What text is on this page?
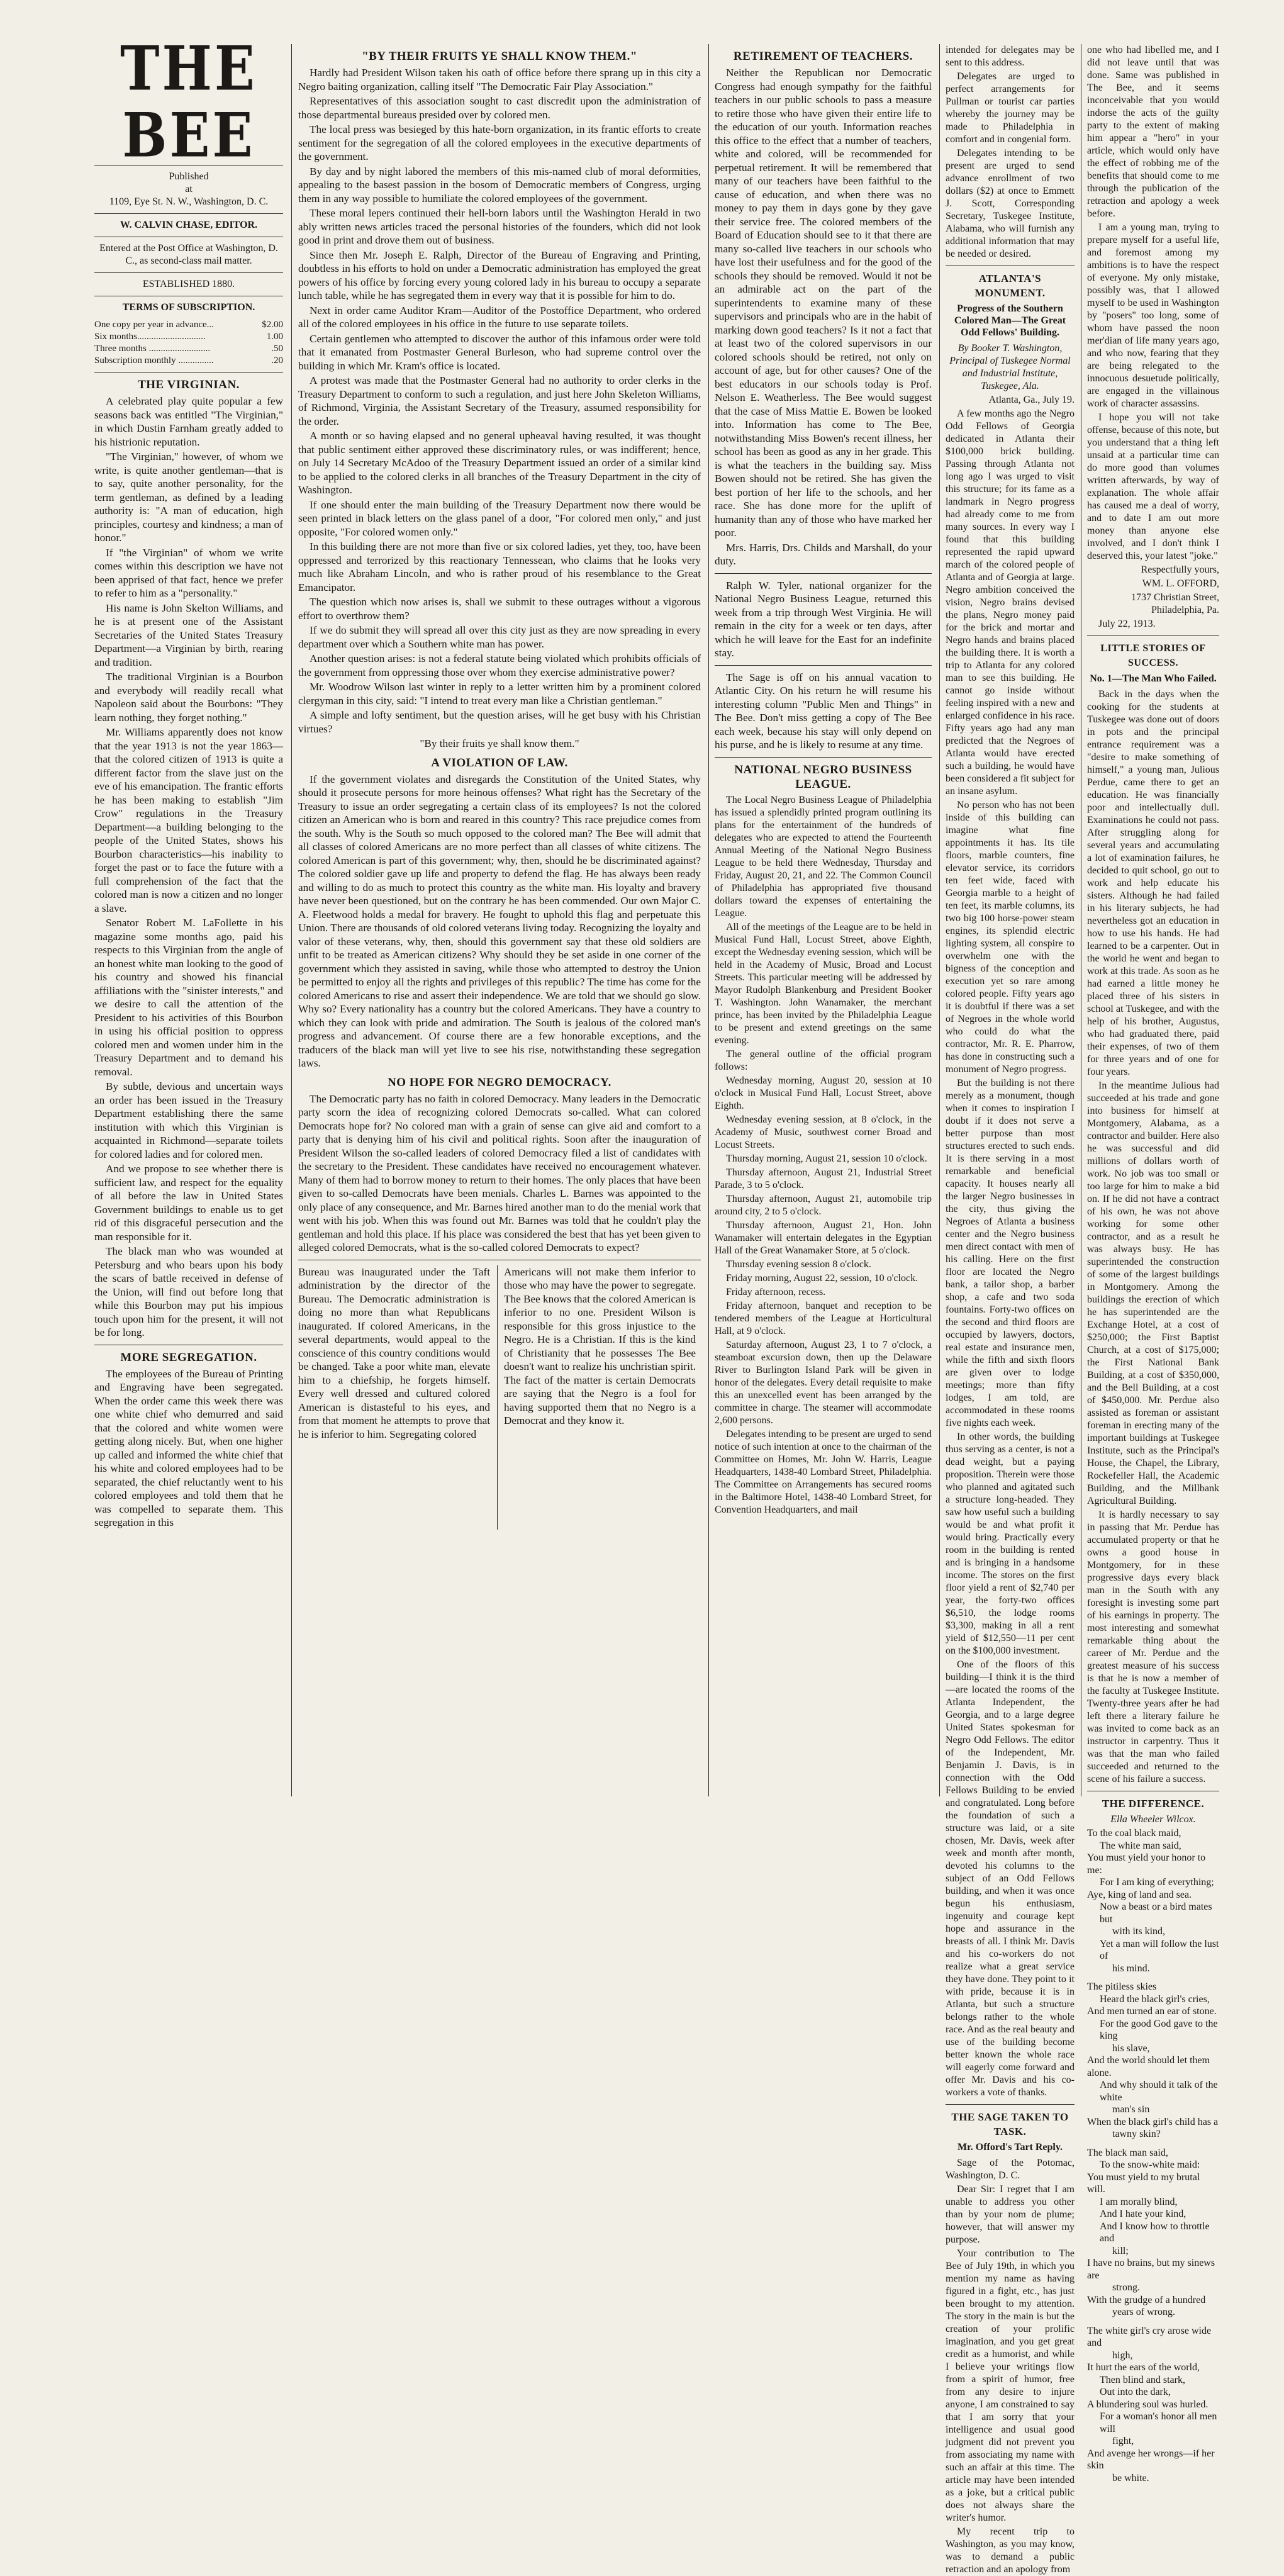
THE BEE
Published
at
1109, Eye St. N. W., Washington, D. C.
W. CALVIN CHASE, EDITOR.
Entered at the Post Office at Washington, D. C., as second-class mail matter.
ESTABLISHED 1880.
TERMS OF SUBSCRIPTION.
One copy per year in advance...	$2.00
Six months.............................	1.00
Three months ..........................	.50
Subscription monthly ...............	.20
THE VIRGINIAN.

A celebrated play quite popular a few seasons back was entitled "The Virginian," in which Dustin Farnham greatly added to his histrionic reputation.

"The Virginian," however, of whom we write, is quite another gentleman—that is to say, quite another personality, for the term gentleman, as defined by a leading authority is: "A man of education, high principles, courtesy and kindness; a man of honor."

If "the Virginian" of whom we write comes within this description we have not been apprised of that fact, hence we prefer to refer to him as a "personality."

His name is John Skelton Williams, and he is at present one of the Assistant Secretaries of the United States Treasury Department—a Virginian by birth, rearing and tradition.

The traditional Virginian is a Bourbon and everybody will readily recall what Napoleon said about the Bourbons: "They learn nothing, they forget nothing."

Mr. Williams apparently does not know that the year 1913 is not the year 1863—that the colored citizen of 1913 is quite a different factor from the slave just on the eve of his emancipation. The frantic efforts he has been making to establish "Jim Crow" regulations in the Treasury Department—a building belonging to the people of the United States, shows his Bourbon characteristics—his inability to forget the past or to face the future with a full comprehension of the fact that the colored man is now a citizen and no longer a slave.

Senator Robert M. LaFollette in his magazine some months ago, paid his respects to this Virginian from the angle of an honest white man looking to the good of his country and showed his financial affiliations with the "sinister interests," and we desire to call the attention of the President to his activities of this Bourbon in using his official position to oppress colored men and women under him in the Treasury Department and to demand his removal.

By subtle, devious and uncertain ways an order has been issued in the Treasury Department establishing there the same institution with which this Virginian is acquainted in Richmond—separate toilets for colored ladies and for colored men.

And we propose to see whether there is sufficient law, and respect for the equality of all before the law in United States Government buildings to enable us to get rid of this disgraceful persecution and the man responsible for it.

The black man who was wounded at Petersburg and who bears upon his body the scars of battle received in defense of the Union, will find out before long that while this Bourbon may put his impious touch upon him for the present, it will not be for long.

MORE SEGREGATION.

The employees of the Bureau of Printing and Engraving have been segregated. When the order came this week there was one white chief who demurred and said that the colored and white women were getting along nicely. But, when one higher up called and informed the white chief that his white and colored employees had to be separated, the chief reluctantly went to his colored employees and told them that he was compelled to separate them. This segregation in this

"BY THEIR FRUITS YE SHALL KNOW THEM."

Hardly had President Wilson taken his oath of office before there sprang up in this city a Negro baiting organization, calling itself "The Democratic Fair Play Association."

Representatives of this association sought to cast discredit upon the administration of those departmental bureaus presided over by colored men.

The local press was besieged by this hate-born organization, in its frantic efforts to create sentiment for the segregation of all the colored employees in the executive departments of the government.

By day and by night labored the members of this mis-named club of moral deformities, appealing to the basest passion in the bosom of Democratic members of Congress, urging them in any way possible to humiliate the colored employees of the government.

These moral lepers continued their hell-born labors until the Washington Herald in two ably written news articles traced the personal histories of the founders, which did not look good in print and drove them out of business.

Since then Mr. Joseph E. Ralph, Director of the Bureau of Engraving and Printing, doubtless in his efforts to hold on under a Democratic administration has employed the great powers of his office by forcing every young colored lady in his bureau to occupy a separate lunch table, while he has segregated them in every way that it is possible for him to do.

Next in order came Auditor Kram—Auditor of the Postoffice Department, who ordered all of the colored employees in his office in the future to use separate toilets.

Certain gentlemen who attempted to discover the author of this infamous order were told that it emanated from Postmaster General Burleson, who had supreme control over the building in which Mr. Kram's office is located.

A protest was made that the Postmaster General had no authority to order clerks in the Treasury Department to conform to such a regulation, and just here John Skeleton Williams, of Richmond, Virginia, the Assistant Secretary of the Treasury, assumed responsibility for the order.

A month or so having elapsed and no general upheaval having resulted, it was thought that public sentiment either approved these discriminatory rules, or was indifferent; hence, on July 14 Secretary McAdoo of the Treasury Department issued an order of a similar kind to be applied to the colored clerks in all branches of the Treasury Department in the city of Washington.

If one should enter the main building of the Treasury Department now there would be seen printed in black letters on the glass panel of a door, "For colored men only," and just opposite, "For colored women only."

In this building there are not more than five or six colored ladies, yet they, too, have been oppressed and terrorized by this reactionary Tennessean, who claims that he looks very much like Abraham Lincoln, and who is rather proud of his resemblance to the Great Emancipator.

The question which now arises is, shall we submit to these outrages without a vigorous effort to overthrow them?

If we do submit they will spread all over this city just as they are now spreading in every department over which a Southern white man has power.

Another question arises: is not a federal statute being violated which prohibits officials of the government from oppressing those over whom they exercise administrative power?

Mr. Woodrow Wilson last winter in reply to a letter written him by a prominent colored clergyman in this city, said: "I intend to treat every man like a Christian gentleman."

A simple and lofty sentiment, but the question arises, will he get busy with his Christian virtues?

"By their fruits ye shall know them."

A VIOLATION OF LAW.

If the government violates and disregards the Constitution of the United States, why should it prosecute persons for more heinous offenses? What right has the Secretary of the Treasury to issue an order segregating a certain class of its employees? Is not the colored citizen an American who is born and reared in this country? This race prejudice comes from the south. Why is the South so much opposed to the colored man? The Bee will admit that all classes of colored Americans are no more perfect than all classes of white citizens. The colored American is part of this government; why, then, should he be discriminated against? The colored soldier gave up life and property to defend the flag. He has always been ready and willing to do as much to protect this country as the white man. His loyalty and bravery have never been questioned, but on the contrary he has been commended. Our own Major C. A. Fleetwood holds a medal for bravery. He fought to uphold this flag and perpetuate this Union. There are thousands of old colored veterans living today. Recognizing the loyalty and valor of these veterans, why, then, should this government say that these old soldiers are unfit to be treated as American citizens? Why should they be set aside in one corner of the government which they assisted in saving, while those who attempted to destroy the Union be permitted to enjoy all the rights and privileges of this republic? The time has come for the colored Americans to rise and assert their independence. We are told that we should go slow. Why so? Every nationality has a country but the colored Americans. They have a country to which they can look with pride and admiration. The South is jealous of the colored man's progress and advancement. Of course there are a few honorable exceptions, and the traducers of the black man will yet live to see his rise, notwithstanding these segregation laws.

NO HOPE FOR NEGRO DEMOCRACY.

The Democratic party has no faith in colored Democracy. Many leaders in the Democratic party scorn the idea of recognizing colored Democrats so-called. What can colored Democrats hope for? No colored man with a grain of sense can give aid and comfort to a party that is denying him of his civil and political rights. Soon after the inauguration of President Wilson the so-called leaders of colored Democracy filed a list of candidates with the secretary to the President. These candidates have received no encouragement whatever. Many of them had to borrow money to return to their homes. The only places that have been given to so-called Democrats have been menials. Charles L. Barnes was appointed to the only place of any consequence, and Mr. Barnes hired another man to do the menial work that went with his job. When this was found out Mr. Barnes was told that he couldn't play the gentleman and hold this place. If his place was considered the best that has yet been given to alleged colored Democrats, what is the so-called colored Democrats to expect?

Bureau was inaugurated under the Taft administration by the director of the Bureau. The Democratic administration is doing no more than what Republicans inaugurated. If colored Americans, in the several departments, would appeal to the conscience of this country conditions would be changed. Take a poor white man, elevate him to a chiefship, he forgets himself. Every well dressed and cultured colored American is distasteful to his eyes, and from that moment he attempts to prove that he is inferior to him. Segregating colored

Americans will not make them inferior to those who may have the power to segregate. The Bee knows that the colored American is inferior to no one. President Wilson is responsible for this gross injustice to the Negro. He is a Christian. If this is the kind of Christianity that he possesses The Bee doesn't want to realize his unchristian spirit. The fact of the matter is certain Democrats are saying that the Negro is a fool for having supported them that no Negro is a Democrat and they know it.

RETIREMENT OF TEACHERS.

Neither the Republican nor Democratic Congress had enough sympathy for the faithful teachers in our public schools to pass a measure to retire those who have given their entire life to the education of our youth. Information reaches this office to the effect that a number of teachers, white and colored, will be recommended for perpetual retirement. It will be remembered that many of our teachers have been faithful to the cause of education, and when there was no money to pay them in days gone by they gave their service free. The colored members of the Board of Education should see to it that there are many so-called live teachers in our schools who have lost their usefulness and for the good of the schools they should be removed. Would it not be an admirable act on the part of the superintendents to examine many of these supervisors and principals who are in the habit of marking down good teachers? Is it not a fact that at least two of the colored supervisors in our colored schools should be retired, not only on account of age, but for other causes? One of the best educators in our schools today is Prof. Nelson E. Weatherless. The Bee would suggest that the case of Miss Mattie E. Bowen be looked into. Information has come to The Bee, notwithstanding Miss Bowen's recent illness, her school has been as good as any in her grade. This is what the teachers in the building say. Miss Bowen should not be retired. She has given the best portion of her life to the schools, and her race. She has done more for the uplift of humanity than any of those who have marked her poor.

Mrs. Harris, Drs. Childs and Marshall, do your duty.

Ralph W. Tyler, national organizer for the National Negro Business League, returned this week from a trip through West Virginia. He will remain in the city for a week or ten days, after which he will leave for the East for an indefinite stay.

The Sage is off on his annual vacation to Atlantic City. On his return he will resume his interesting column "Public Men and Things" in The Bee. Don't miss getting a copy of The Bee each week, because his stay will only depend on his purse, and he is likely to resume at any time.

NATIONAL NEGRO BUSINESS LEAGUE.

The Local Negro Business League of Philadelphia has issued a splendidly printed program outlining its plans for the entertainment of the hundreds of delegates who are expected to attend the Fourteenth Annual Meeting of the National Negro Business League to be held there Wednesday, Thursday and Friday, August 20, 21, and 22. The Common Council of Philadelphia has appropriated five thousand dollars toward the expenses of entertaining the League.

All of the meetings of the League are to be held in Musical Fund Hall, Locust Street, above Eighth, except the Wednesday evening session, which will be held in the Academy of Music, Broad and Locust Streets. This particular meeting will be addressed by Mayor Rudolph Blankenburg and President Booker T. Washington. John Wanamaker, the merchant prince, has been invited by the Philadelphia League to be present and extend greetings on the same evening.

The general outline of the official program follows:

Wednesday morning, August 20, session at 10 o'clock in Musical Fund Hall, Locust Street, above Eighth.

Wednesday evening session, at 8 o'clock, in the Academy of Music, southwest corner Broad and Locust Streets.

Thursday morning, August 21, session 10 o'clock.

Thursday afternoon, August 21, Industrial Street Parade, 3 to 5 o'clock.

Thursday afternoon, August 21, automobile trip around city, 2 to 5 o'clock.

Thursday afternoon, August 21, Hon. John Wanamaker will entertain delegates in the Egyptian Hall of the Great Wanamaker Store, at 5 o'clock.

Thursday evening session 8 o'clock.

Friday morning, August 22, session, 10 o'clock.

Friday afternoon, recess.

Friday afternoon, banquet and reception to be tendered members of the League at Horticultural Hall, at 9 o'clock.

Saturday afternoon, August 23, 1 to 7 o'clock, a steamboat excursion down, then up the Delaware River to Burlington Island Park will be given in honor of the delegates. Every detail requisite to make this an unexcelled event has been arranged by the committee in charge. The steamer will accommodate 2,600 persons.

Delegates intending to be present are urged to send notice of such intention at once to the chairman of the Committee on Homes, Mr. John W. Harris, League Headquarters, 1438-40 Lombard Street, Philadelphia. The Committee on Arrangements has secured rooms in the Baltimore Hotel, 1438-40 Lombard Street, for Convention Headquarters, and mail

intended for delegates may be sent to this address.

Delegates are urged to perfect arrangements for Pullman or tourist car parties whereby the journey may be made to Philadelphia in comfort and in congenial form.

Delegates intending to be present are urged to send advance enrollment of two dollars ($2) at once to Emmett J. Scott, Corresponding Secretary, Tuskegee Institute, Alabama, who will furnish any additional information that may be needed or desired.

ATLANTA'S MONUMENT.
Progress of the Southern Colored Man—The Great Odd Fellows' Building.
By Booker T. Washington, Principal of Tuskegee Normal and Industrial Institute, Tuskegee, Ala.

Atlanta, Ga., July 19.

A few months ago the Negro Odd Fellows of Georgia dedicated in Atlanta their $100,000 brick building. Passing through Atlanta not long ago I was urged to visit this structure; for its fame as a landmark in Negro progress had already come to me from many sources. In every way I found that this building represented the rapid upward march of the colored people of Atlanta and of Georgia at large. Negro ambition conceived the vision, Negro brains devised the plans, Negro money paid for the brick and mortar and Negro hands and brains placed the building there. It is worth a trip to Atlanta for any colored man to see this building. He cannot go inside without feeling inspired with a new and enlarged confidence in his race. Fifty years ago had any man predicted that the Negroes of Atlanta would have erected such a building, he would have been considered a fit subject for an insane asylum.

No person who has not been inside of this building can imagine what fine appointments it has. Its tile floors, marble counters, fine elevator service, its corridors ten feet wide, faced with Georgia marble to a height of ten feet, its marble columns, its two big 100 horse-power steam engines, its splendid electric lighting system, all conspire to overwhelm one with the bigness of the conception and execution yet so rare among colored people. Fifty years ago it is doubtful if there was a set of Negroes in the whole world who could do what the contractor, Mr. R. E. Pharrow, has done in constructing such a monument of Negro progress.

But the building is not there merely as a monument, though when it comes to inspiration I doubt if it does not serve a better purpose than most structures erected to such ends. It is there serving in a most remarkable and beneficial capacity. It houses nearly all the larger Negro businesses in the city, thus giving the Negroes of Atlanta a business center and the Negro business men direct contact with men of his calling. Here on the first floor are located the Negro bank, a tailor shop, a barber shop, a cafe and two soda fountains. Forty-two offices on the second and third floors are occupied by lawyers, doctors, real estate and insurance men, while the fifth and sixth floors are given over to lodge meetings; more than fifty lodges, I am told, are accommodated in these rooms five nights each week.

In other words, the building thus serving as a center, is not a dead weight, but a paying proposition. Therein were those who planned and agitated such a structure long-headed. They saw how useful such a building would be and what profit it would bring. Practically every room in the building is rented and is bringing in a handsome income. The stores on the first floor yield a rent of $2,740 per year, the forty-two offices $6,510, the lodge rooms $3,300, making in all a rent yield of $12,550—11 per cent on the $100,000 investment.

One of the floors of this building—I think it is the third—are located the rooms of the Atlanta Independent, the Georgia, and to a large degree United States spokesman for Negro Odd Fellows. The editor of the Independent, Mr. Benjamin J. Davis, is in connection with the Odd Fellows Building to be envied and congratulated. Long before the foundation of such a structure was laid, or a site chosen, Mr. Davis, week after week and month after month, devoted his columns to the subject of an Odd Fellows building, and when it was once begun his enthusiasm, ingenuity and courage kept hope and assurance in the breasts of all. I think Mr. Davis and his co-workers do not realize what a great service they have done. They point to it with pride, because it is in Atlanta, but such a structure belongs rather to the whole race. And as the real beauty and use of the building become better known the whole race will eagerly come forward and offer Mr. Davis and his co-workers a vote of thanks.

THE SAGE TAKEN TO TASK.
Mr. Offord's Tart Reply.

Sage of the Potomac, Washington, D. C.

Dear Sir: I regret that I am unable to address you other than by your nom de plume; however, that will answer my purpose.

Your contribution to The Bee of July 19th, in which you mention my name as having figured in a fight, etc., has just been brought to my attention. The story in the main is but the creation of your prolific imagination, and you get great credit as a humorist, and while I believe your writings flow from a spirit of humor, free from any desire to injure anyone, I am constrained to say that I am sorry that your intelligence and usual good judgment did not prevent you from associating my name with such an affair at this time. The article may have been intended as a joke, but a critical public does not always share the writer's humor.

My recent trip to Washington, as you may know, was to demand a public retraction and an apology from

one who had libelled me, and I did not leave until that was done. Same was published in The Bee, and it seems inconceivable that you would indorse the acts of the guilty party to the extent of making him appear a "hero" in your article, which would only have the effect of robbing me of the benefits that should come to me through the publication of the retraction and apology a week before.

I am a young man, trying to prepare myself for a useful life, and foremost among my ambitions is to have the respect of everyone. My only mistake, possibly was, that I allowed myself to be used in Washington by "posers" too long, some of whom have passed the noon mer'dian of life many years ago, and who now, fearing that they are being relegated to the innocuous desuetude politically, are engaged in the villainous work of character assassins.

I hope you will not take offense, because of this note, but you understand that a thing left unsaid at a particular time can do more good than volumes written afterwards, by way of explanation. The whole affair has caused me a deal of worry, and to date I am out more money than anyone else involved, and I don't think I deserved this, your latest "joke."

Respectfully yours,

WM. L. OFFORD,

1737 Christian Street, Philadelphia, Pa.

July 22, 1913.

LITTLE STORIES OF SUCCESS.
No. 1—The Man Who Failed.

Back in the days when the cooking for the students at Tuskegee was done out of doors in pots and the principal entrance requirement was a "desire to make something of himself," a young man, Julious Perdue, came there to get an education. He was financially poor and intellectually dull. Examinations he could not pass. After struggling along for several years and accumulating a lot of examination failures, he decided to quit school, go out to work and help educate his sisters. Although he had failed in his literary subjects, he had nevertheless got an education in how to use his hands. He had learned to be a carpenter. Out in the world he went and began to work at this trade. As soon as he had earned a little money he placed three of his sisters in school at Tuskegee, and with the help of his brother, Augustus, who had graduated there, paid their expenses, of two of them for three years and of one for four years.

In the meantime Julious had succeeded at his trade and gone into business for himself at Montgomery, Alabama, as a contractor and builder. Here also he was successful and did millions of dollars worth of work. No job was too small or too large for him to make a bid on. If he did not have a contract of his own, he was not above working for some other contractor, and as a result he was always busy. He has superintended the construction of some of the largest buildings in Montgomery. Among the buildings the erection of which he has superintended are the Exchange Hotel, at a cost of $250,000; the First Baptist Church, at a cost of $175,000; the First National Bank Building, at a cost of $350,000, and the Bell Building, at a cost of $450,000. Mr. Perdue also assisted as foreman or assistant foreman in erecting many of the important buildings at Tuskegee Institute, such as the Principal's House, the Chapel, the Library, Rockefeller Hall, the Academic Building, and the Millbank Agricultural Building.

It is hardly necessary to say in passing that Mr. Perdue has accumulated property or that he owns a good house in Montgomery, for in these progressive days every black man in the South with any foresight is investing some part of his earnings in property. The most interesting and somewhat remarkable thing about the career of Mr. Perdue and the greatest measure of his success is that he is now a member of the faculty at Tuskegee Institute. Twenty-three years after he had left there a literary failure he was invited to come back as an instructor in carpentry. Thus it was that the man who failed succeeded and returned to the scene of his failure a success.

THE DIFFERENCE.
Ella Wheeler Wilcox.
To the coal black maid,
The white man said,
You must yield your honor to me:
For I am king of everything;
Aye, king of land and sea.
Now a beast or a bird mates but
with its kind,
Yet a man will follow the lust of
his mind.
The pitiless skies
Heard the black girl's cries,
And men turned an ear of stone.
For the good God gave to the king
his slave,
And the world should let them alone.
And why should it talk of the white
man's sin
When the black girl's child has a
tawny skin?
The black man said,
To the snow-white maid:
You must yield to my brutal will.
I am morally blind,
And I hate your kind,
And I know how to throttle and
kill;
I have no brains, but my sinews are
strong.
With the grudge of a hundred
years of wrong.
The white girl's cry arose wide and
high,
It hurt the ears of the world,
Then blind and stark,
Out into the dark,
A blundering soul was hurled.
For a woman's honor all men will
fight,
And avenge her wrongs—if her skin
be white.
